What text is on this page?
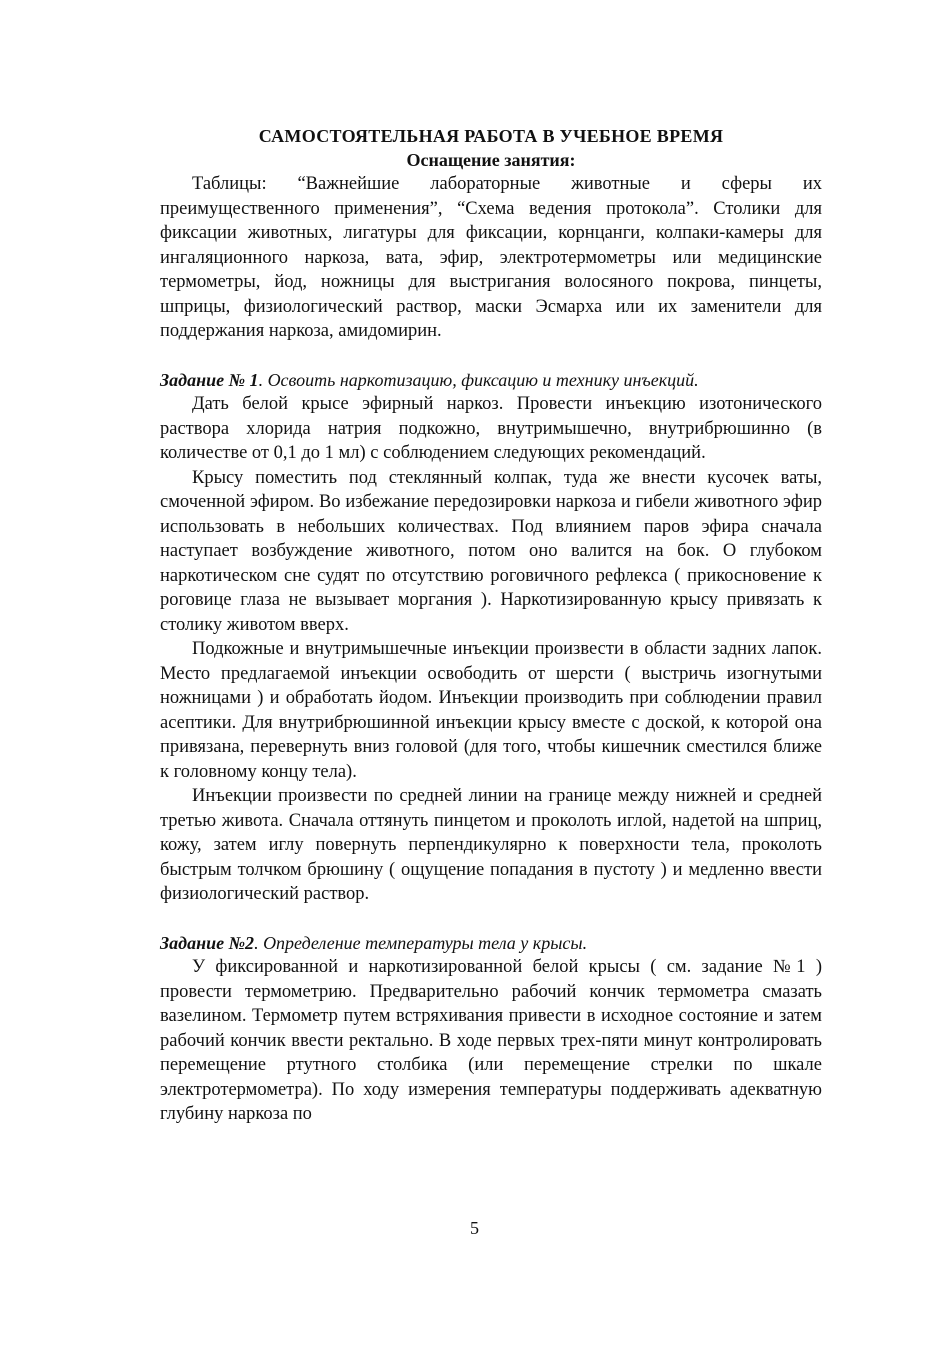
САМОСТОЯТЕЛЬНАЯ РАБОТА В УЧЕБНОЕ ВРЕМЯ
Оснащение занятия:

Таблицы: “Важнейшие лабораторные животные и сферы их преимущественного применения”, “Схема ведения протокола”. Столики для фиксации животных, лигатуры для фиксации, корнцанги, колпаки-камеры для ингаляционного наркоза, вата, эфир, электротермометры или медицинские термометры, йод, ножницы для выстригания волосяного покрова, пинцеты, шприцы, физиологический раствор, маски Эсмарха или их заменители для поддержания наркоза, амидомирин.

Задание № 1. Освоить наркотизацию, фиксацию и технику инъекций.

Дать белой крысе эфирный наркоз. Провести инъекцию изотонического раствора хлорида натрия подкожно, внутримышечно, внутрибрюшинно (в количестве от 0,1 до 1 мл) с соблюдением следующих рекомендаций.

Крысу поместить под стеклянный колпак, туда же внести кусочек ваты, смоченной эфиром. Во избежание передозировки наркоза и гибели животного эфир использовать в небольших количествах. Под влиянием паров эфира сначала наступает возбуждение животного, потом оно валится на бок. О глубоком наркотическом сне судят по отсутствию роговичного рефлекса ( прикосновение к роговице глаза не вызывает моргания ). Наркотизированную крысу привязать к столику животом вверх.

Подкожные и внутримышечные инъекции произвести в области задних лапок. Место предлагаемой инъекции освободить от шерсти ( выстричь изогнутыми ножницами ) и обработать йодом. Инъекции производить при соблюдении правил асептики. Для внутрибрюшинной инъекции крысу вместе с доской, к которой она привязана, перевернуть вниз головой (для того, чтобы кишечник сместился ближе к головному концу тела).

Инъекции произвести по средней линии на границе между нижней и средней третью живота. Сначала оттянуть пинцетом и проколоть иглой, надетой на шприц, кожу, затем иглу повернуть перпендикулярно к поверхности тела, проколоть быстрым толчком брюшину ( ощущение попадания в пустоту ) и медленно ввести физиологический раствор.

Задание №2. Определение температуры тела у крысы.

У фиксированной и наркотизированной белой крысы ( см. задание №1 ) провести термометрию. Предварительно рабочий кончик термометра смазать вазелином. Термометр путем встряхивания привести в исходное состояние и затем рабочий кончик ввести ректально. В ходе первых трех-пяти минут контролировать перемещение ртутного столбика (или перемещение стрелки по шкале электротермометра). По ходу измерения температуры поддерживать адекватную глубину наркоза по

5
